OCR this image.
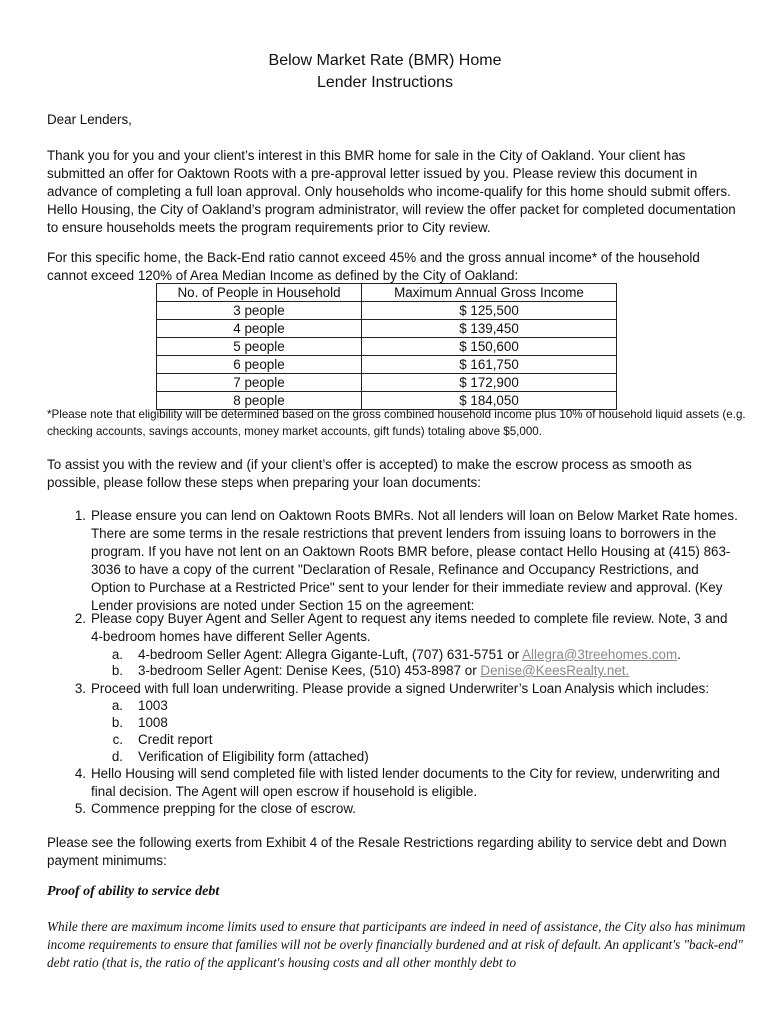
Below Market Rate (BMR) Home
Lender Instructions

Dear Lenders,

Thank you for you and your client’s interest in this BMR home for sale in the City of Oakland. Your client has submitted an offer for Oaktown Roots with a pre-approval letter issued by you. Please review this document in advance of completing a full loan approval. Only households who income-qualify for this home should submit offers. Hello Housing, the City of Oakland’s program administrator, will review the offer packet for completed documentation to ensure households meets the program requirements prior to City review.

For this specific home, the Back-End ratio cannot exceed 45% and the gross annual income* of the household cannot exceed 120% of Area Median Income as defined by the City of Oakland:

No. of People in Household	Maximum Annual Gross Income
3 people	$ 125,500
4 people	$ 139,450
5 people	$ 150,600
6 people	$ 161,750
7 people	$ 172,900
8 people	$ 184,050

*Please note that eligibility will be determined based on the gross combined household income plus 10% of household liquid assets (e.g. checking accounts, savings accounts, money market accounts, gift funds) totaling above $5,000.

To assist you with the review and (if your client’s offer is accepted) to make the escrow process as smooth as possible, please follow these steps when preparing your loan documents:

1. Please ensure you can lend on Oaktown Roots BMRs. Not all lenders will loan on Below Market Rate homes. There are some terms in the resale restrictions that prevent lenders from issuing loans to borrowers in the program. If you have not lent on an Oaktown Roots BMR before, please contact Hello Housing at (415) 863-3036 to have a copy of the current "Declaration of Resale, Refinance and Occupancy Restrictions, and Option to Purchase at a Restricted Price" sent to your lender for their immediate review and approval. (Key Lender provisions are noted under Section 15 on the agreement:

2. Please copy Buyer Agent and Seller Agent to request any items needed to complete file review. Note, 3 and 4-bedroom homes have different Seller Agents.

a. 4-bedroom Seller Agent: Allegra Gigante-Luft, (707) 631-5751 or Allegra@3treehomes.com.

b. 3-bedroom Seller Agent: Denise Kees, (510) 453-8987 or Denise@KeesRealty.net.

3. Proceed with full loan underwriting. Please provide a signed Underwriter’s Loan Analysis which includes:

a. 1003

b. 1008

c. Credit report

d. Verification of Eligibility form (attached)

4. Hello Housing will send completed file with listed lender documents to the City for review, underwriting and final decision. The Agent will open escrow if household is eligible.

5. Commence prepping for the close of escrow.

Please see the following exerts from Exhibit 4 of the Resale Restrictions regarding ability to service debt and Down payment minimums:

Proof of ability to service debt

While there are maximum income limits used to ensure that participants are indeed in need of assistance, the City also has minimum income requirements to ensure that families will not be overly financially burdened and at risk of default. An applicant's "back-end" debt ratio (that is, the ratio of the applicant's housing costs and all other monthly debt to
